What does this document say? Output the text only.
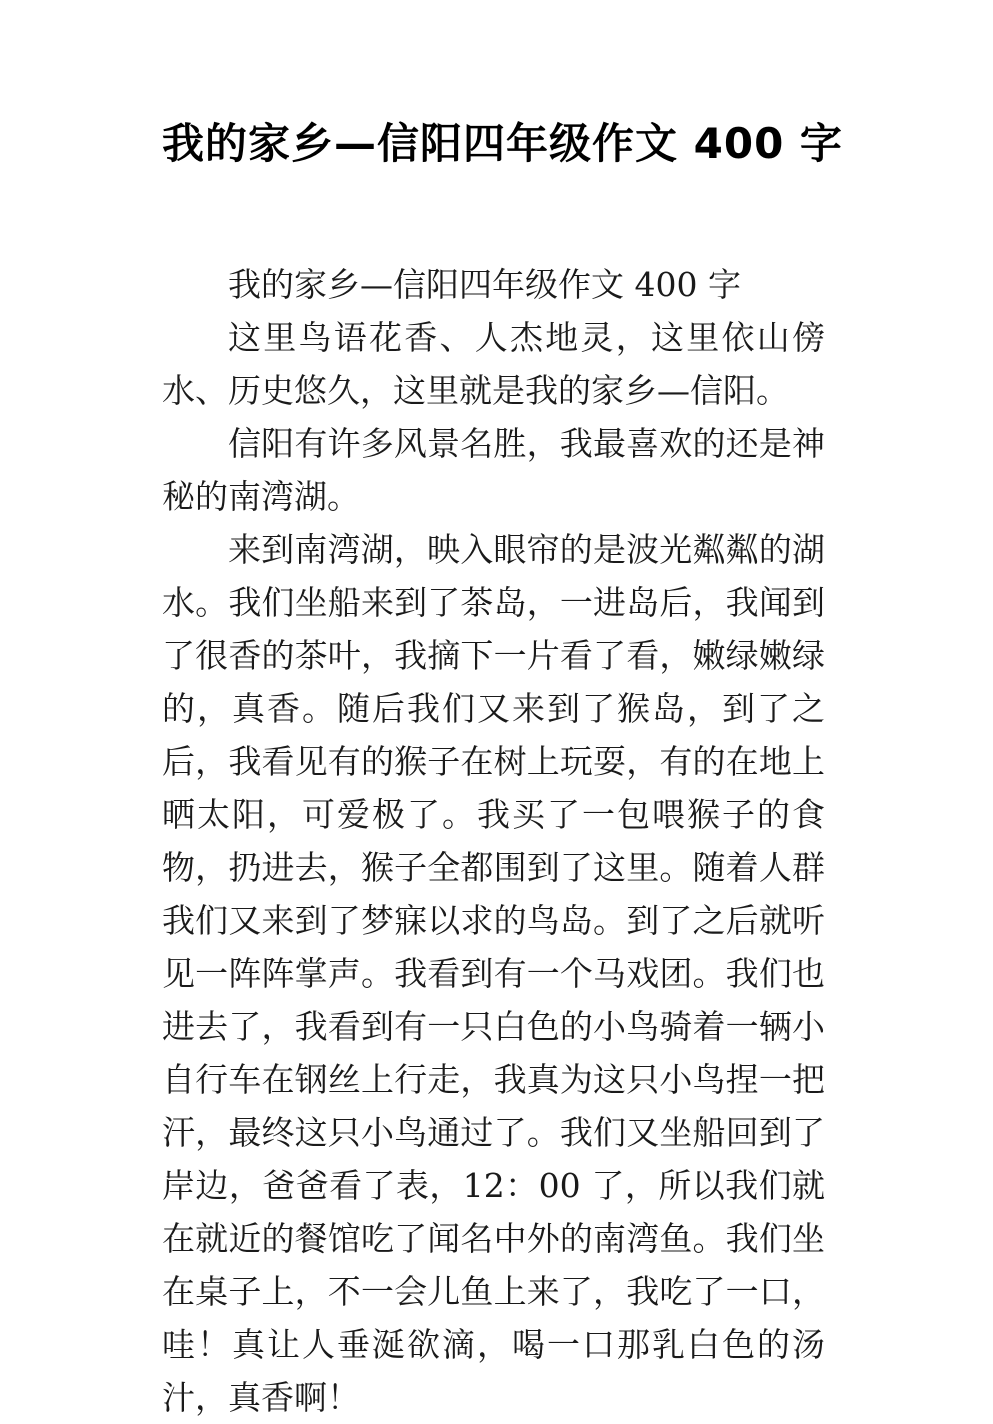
我的家乡—信阳四年级作文 400 字

我的家乡—信阳四年级作文 400 字

这里鸟语花香、人杰地灵，这里依山傍水、历史悠久，这里就是我的家乡—信阳。

信阳有许多风景名胜，我最喜欢的还是神秘的南湾湖。

来到南湾湖，映入眼帘的是波光粼粼的湖水。我们坐船来到了茶岛，一进岛后，我闻到了很香的茶叶，我摘下一片看了看，嫩绿嫩绿的，真香。随后我们又来到了猴岛，到了之后，我看见有的猴子在树上玩耍，有的在地上晒太阳，可爱极了。我买了一包喂猴子的食物，扔进去，猴子全都围到了这里。随着人群我们又来到了梦寐以求的鸟岛。到了之后就听见一阵阵掌声。我看到有一个马戏团。我们也进去了，我看到有一只白色的小鸟骑着一辆小自行车在钢丝上行走，我真为这只小鸟捏一把汗，最终这只小鸟通过了。我们又坐船回到了岸边，爸爸看了表，12：00 了，所以我们就在就近的餐馆吃了闻名中外的南湾鱼。我们坐在桌子上，不一会儿鱼上来了，我吃了一口，哇！真让人垂涎欲滴，喝一口那乳白色的汤汁，真香啊！
